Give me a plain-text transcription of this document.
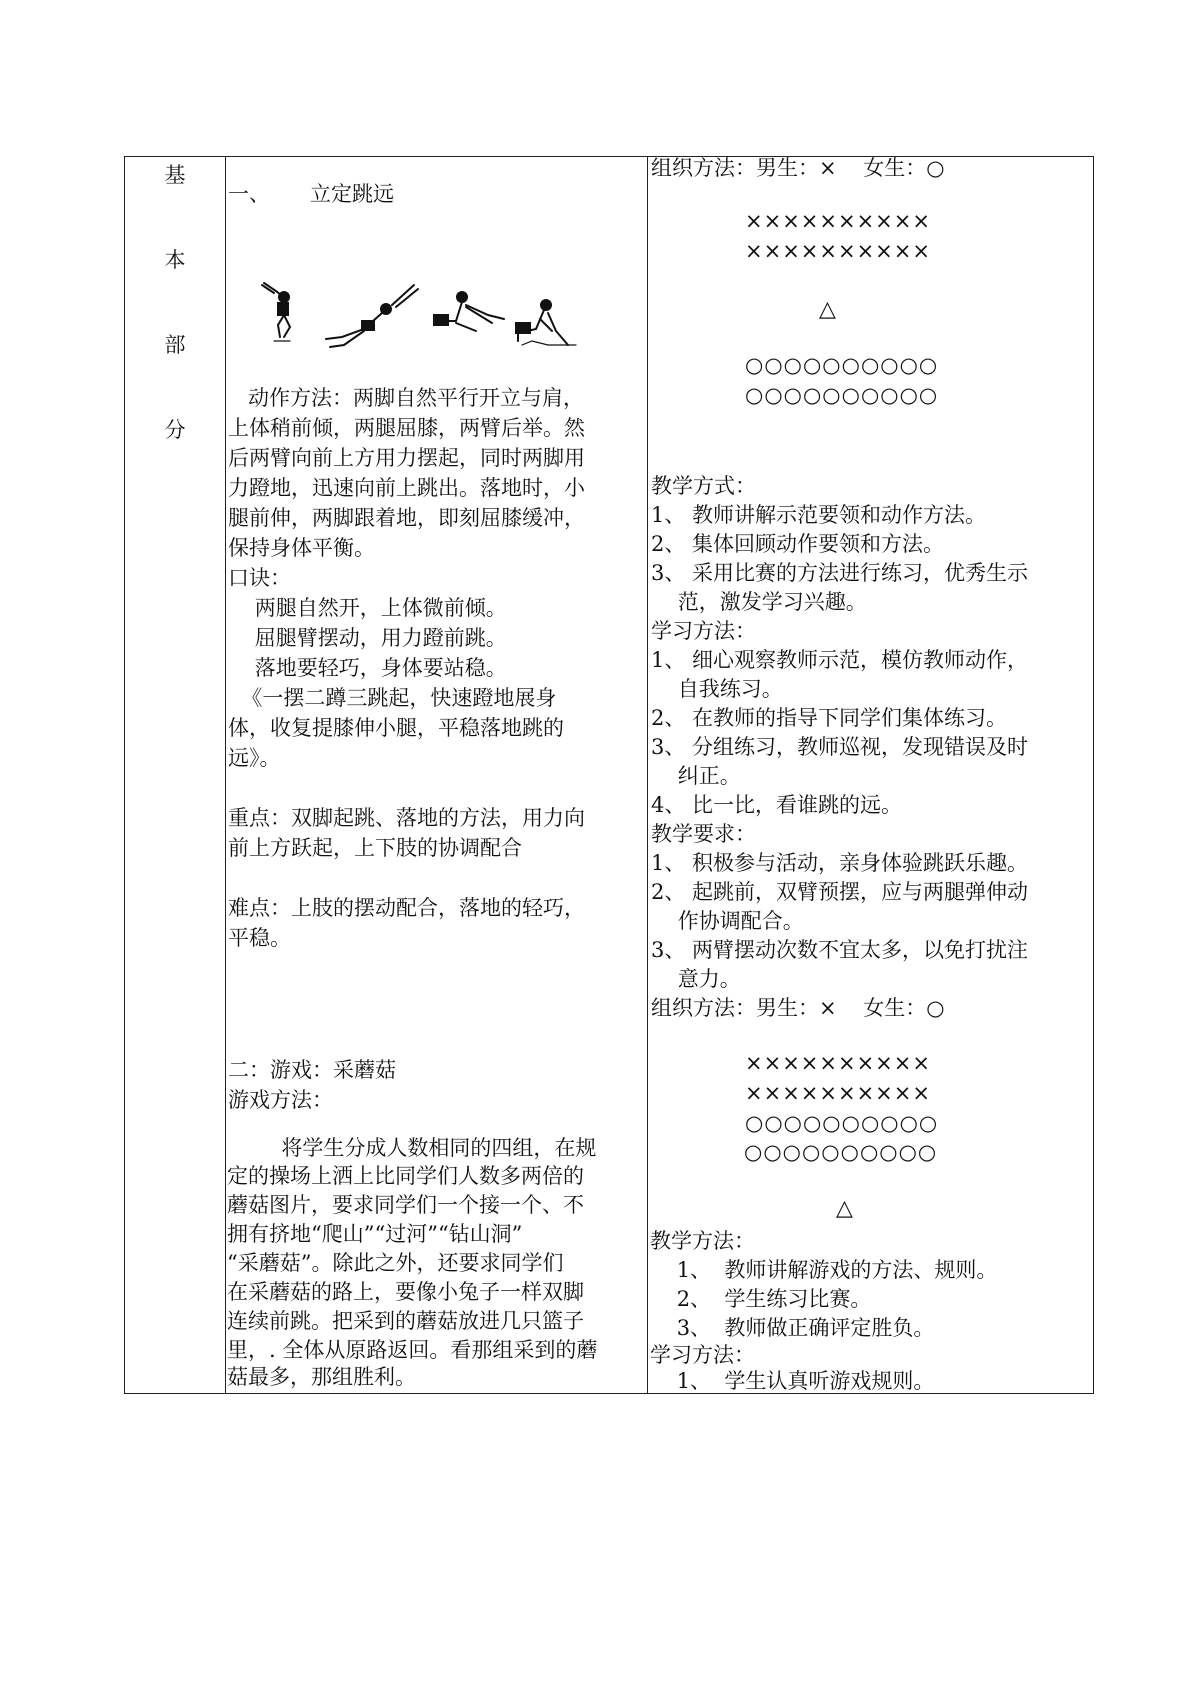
基
本
部
分
一、      立定跳远
动作方法：两脚自然平行开立与肩，
上体稍前倾，两腿屈膝，两臂后举。然
后两臂向前上方用力摆起，同时两脚用
力蹬地，迅速向前上跳出。落地时，小
腿前伸，两脚跟着地，即刻屈膝缓冲，
保持身体平衡。
口诀：
两腿自然开，上体微前倾。
屈腿臂摆动，用力蹬前跳。
落地要轻巧，身体要站稳。
《一摆二蹲三跳起，快速蹬地展身
体，收复提膝伸小腿，平稳落地跳的
远》。
重点：双脚起跳、落地的方法，用力向
前上方跃起，上下肢的协调配合
难点：上肢的摆动配合，落地的轻巧，
平稳。
二：游戏：采蘑菇
游戏方法：
将学生分成人数相同的四组，在规
组织方法：男生：×    女生：○
××××××××××
××××××××××
△
○○○○○○○○○○
○○○○○○○○○○
教学方式：
1、 教师讲解示范要领和动作方法。
2、 集体回顾动作要领和方法。
3、 采用比赛的方法进行练习，优秀生示
范，激发学习兴趣。
学习方法：
1、 细心观察教师示范，模仿教师动作，
自我练习。
2、 在教师的指导下同学们集体练习。
3、 分组练习，教师巡视，发现错误及时
纠正。
4、 比一比，看谁跳的远。
教学要求：
1、 积极参与活动，亲身体验跳跃乐趣。
2、 起跳前，双臂预摆，应与两腿弹伸动
作协调配合。
3、 两臂摆动次数不宜太多，以免打扰注
意力。
组织方法：男生：×    女生：○
××××××××××
××××××××××
○○○○○○○○○○
定的操场上洒上比同学们人数多两倍的
蘑菇图片，要求同学们一个接一个、不
拥有挤地“爬山”“过河”“钻山洞”
“采蘑菇”。除此之外，还要求同学们
在采蘑菇的路上，要像小兔子一样双脚
连续前跳。把采到的蘑菇放进几只篮子
里，. 全体从原路返回。看那组采到的蘑
菇最多，那组胜利。
○○○○○○○○○○
△
教学方法：
1、  教师讲解游戏的方法、规则。
2、  学生练习比赛。
3、  教师做正确评定胜负。
学习方法：
1、  学生认真听游戏规则。
